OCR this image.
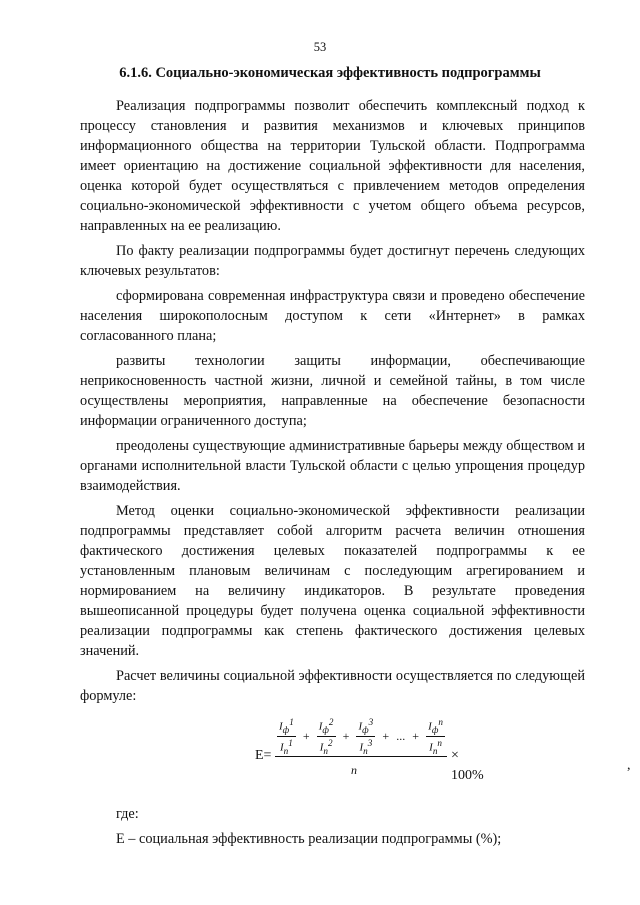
53
6.1.6. Социально-экономическая эффективность подпрограммы

Реализация подпрограммы позволит обеспечить комплексный подход к процессу становления и развития механизмов и ключевых принципов информационного общества на территории Тульской области. Подпрограмма имеет ориентацию на достижение социальной эффективности для населения, оценка которой будет осуществляться с привлечением методов определения социально-экономической эффективности с учетом общего объема ресурсов, направленных на ее реализацию.

По факту реализации подпрограммы будет достигнут перечень следующих ключевых результатов:

сформирована современная инфраструктура связи и проведено обеспечение населения широкополосным доступом к сети «Интернет» в рамках согласованного плана;

развиты технологии защиты информации, обеспечивающие неприкосновенность частной жизни, личной и семейной тайны, в том числе осуществлены мероприятия, направленные на обеспечение безопасности информации ограниченного доступа;

преодолены существующие административные барьеры между обществом и органами исполнительной власти Тульской области с целью упрощения процедур взаимодействия.

Метод оценки социально-экономической эффективности реализации подпрограммы представляет собой алгоритм расчета величин отношения фактического достижения целевых показателей подпрограммы к ее установленным плановым величинам с последующим агрегированием и нормированием на величину индикаторов. В результате проведения вышеописанной процедуры будет получена оценка социальной эффективности реализации подпрограммы как степень фактического достижения целевых значений.

Расчет величины социальной эффективности осуществляется по следующей формуле:

$E= \frac{I_ф^1}{I_п^1} + \frac{I_ф^2}{I_п^2} + \frac{I_ф^3}{I_п^3}$ + ... + $\frac{I_ф^n}{I_п^n}$
n
× 100%
,

где:

E – социальная эффективность реализации подпрограммы (%);
